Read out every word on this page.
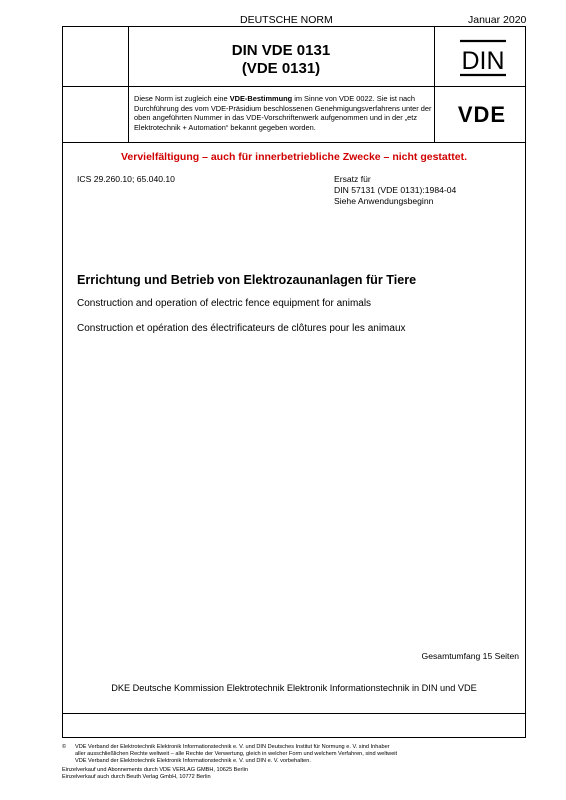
DEUTSCHE NORM	Januar 2020
DIN VDE 0131
(VDE 0131)	DIN
VDE
Diese Norm ist zugleich eine VDE-Bestimmung im Sinne von VDE 0022. Sie ist nach Durchführung des vom VDE-Präsidium beschlossenen Genehmigungsverfahrens unter der oben angeführten Nummer in das VDE-Vorschriftenwerk aufgenommen und in der „etz Elektrotechnik + Automation“ bekannt gegeben worden.
Vervielfältigung – auch für innerbetriebliche Zwecke – nicht gestattet.
ICS 29.260.10; 65.040.10	Ersatz für
DIN 57131 (VDE 0131):1984-04
Siehe Anwendungsbeginn
Errichtung und Betrieb von Elektrozaunanlagen für Tiere
Construction and operation of electric fence equipment for animals
Construction et opération des électrificateurs de clôtures pour les animaux
Gesamtumfang 15 Seiten
DKE Deutsche Kommission Elektrotechnik Elektronik Informationstechnik in DIN und VDE
© VDE Verband der Elektrotechnik Elektronik Informationstechnik e. V. und DIN Deutsches Institut für Normung e. V. sind Inhaber
aller ausschließlichen Rechte weltweit – alle Rechte der Verwertung, gleich in welcher Form und welchem Verfahren, sind weltweit
VDE Verband der Elektrotechnik Elektronik Informationstechnik e. V. und DIN e. V. vorbehalten.
Einzelverkauf und Abonnements durch VDE VERLAG GMBH, 10625 Berlin
Einzelverkauf auch durch Beuth Verlag GmbH, 10772 Berlin
